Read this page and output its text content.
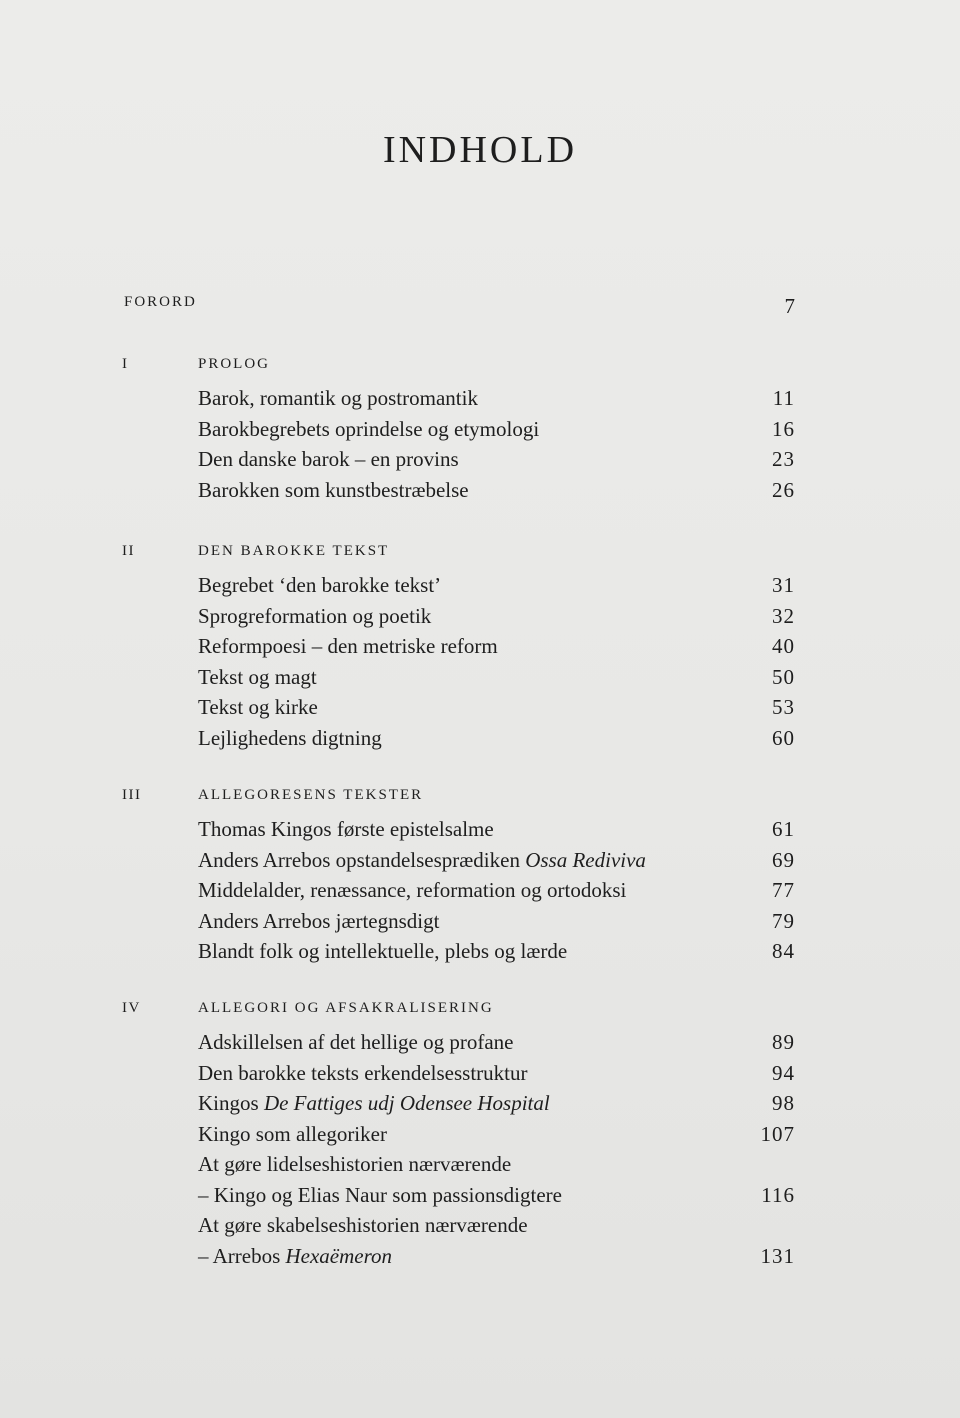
INDHOLD
FORORD	7
I	PROLOG
Barok, romantik og postromantik	11
Barokbegrebets oprindelse og etymologi	16
Den danske barok – en provins	23
Barokken som kunstbestræbelse	26
II	DEN BAROKKE TEKST
Begrebet ‘den barokke tekst’	31
Sprogreformation og poetik	32
Reformpoesi – den metriske reform	40
Tekst og magt	50
Tekst og kirke	53
Lejlighedens digtning	60
III	ALLEGORESENS TEKSTER
Thomas Kingos første epistelsalme	61
Anders Arrebos opstandelsesprædiken Ossa Rediviva	69
Middelalder, renæssance, reformation og ortodoksi	77
Anders Arrebos jærtegnsdigt	79
Blandt folk og intellektuelle, plebs og lærde	84
IV	ALLEGORI OG AFSAKRALISERING
Adskillelsen af det hellige og profane	89
Den barokke teksts erkendelsesstruktur	94
Kingos De Fattiges udj Odensee Hospital	98
Kingo som allegoriker	107
At gøre lidelseshistorien nærværende
– Kingo og Elias Naur som passionsdigtere	116
At gøre skabelseshistorien nærværende
– Arrebos Hexaëmeron	131
